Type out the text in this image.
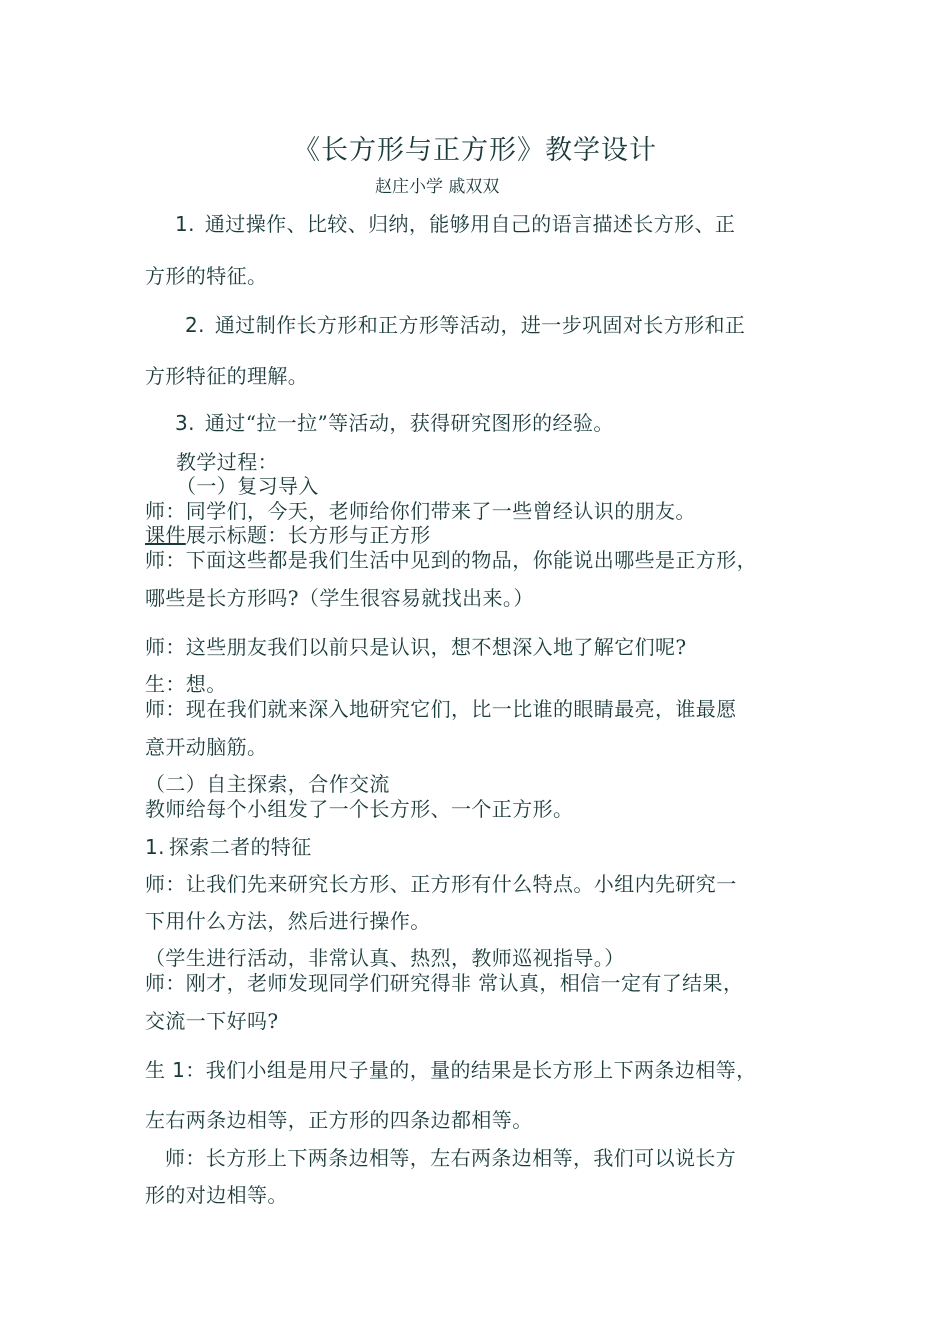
《长方形与正方形》教学设计
赵庄小学 戚双双
1. 通过操作、比较、归纳，能够用自己的语言描述长方形、正
方形的特征。
2. 通过制作长方形和正方形等活动，进一步巩固对长方形和正
方形特征的理解。
3. 通过“拉一拉”等活动，获得研究图形的经验。
教学过程：
（一）复习导入
师：同学们，今天，老师给你们带来了一些曾经认识的朋友。
课件展示标题：长方形与正方形
师：下面这些都是我们生活中见到的物品，你能说出哪些是正方形，
哪些是长方形吗?（学生很容易就找出来。）
师：这些朋友我们以前只是认识，想不想深入地了解它们呢?
生：想。
师：现在我们就来深入地研究它们，比一比谁的眼睛最亮，谁最愿
意开动脑筋。
（二）自主探索，合作交流
教师给每个小组发了一个长方形、一个正方形。
1. 探索二者的特征
师：让我们先来研究长方形、正方形有什么特点。小组内先研究一
下用什么方法，然后进行操作。
（学生进行活动，非常认真、热烈，教师巡视指导。）
师：刚才，老师发现同学们研究得非 常认真，相信一定有了结果，
交流一下好吗?
生 1：我们小组是用尺子量的，量的结果是长方形上下两条边相等，
左右两条边相等，正方形的四条边都相等。
师：长方形上下两条边相等，左右两条边相等，我们可以说长方
形的对边相等。
